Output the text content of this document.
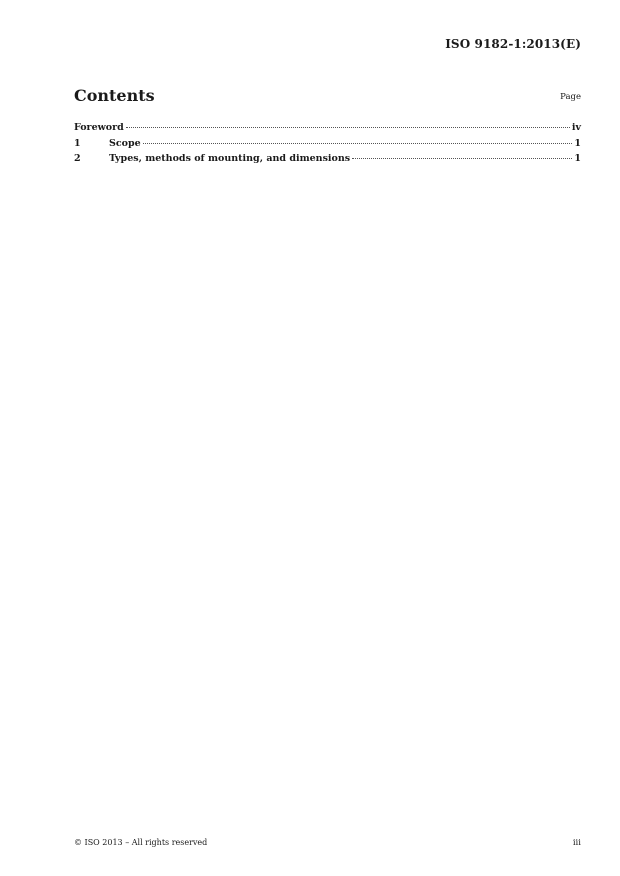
ISO 9182-1:2013(E)
Contents	Page
Foreword	iv
1	Scope	1
2	Types, methods of mounting, and dimensions	1
© ISO 2013 – All rights reserved	iii
